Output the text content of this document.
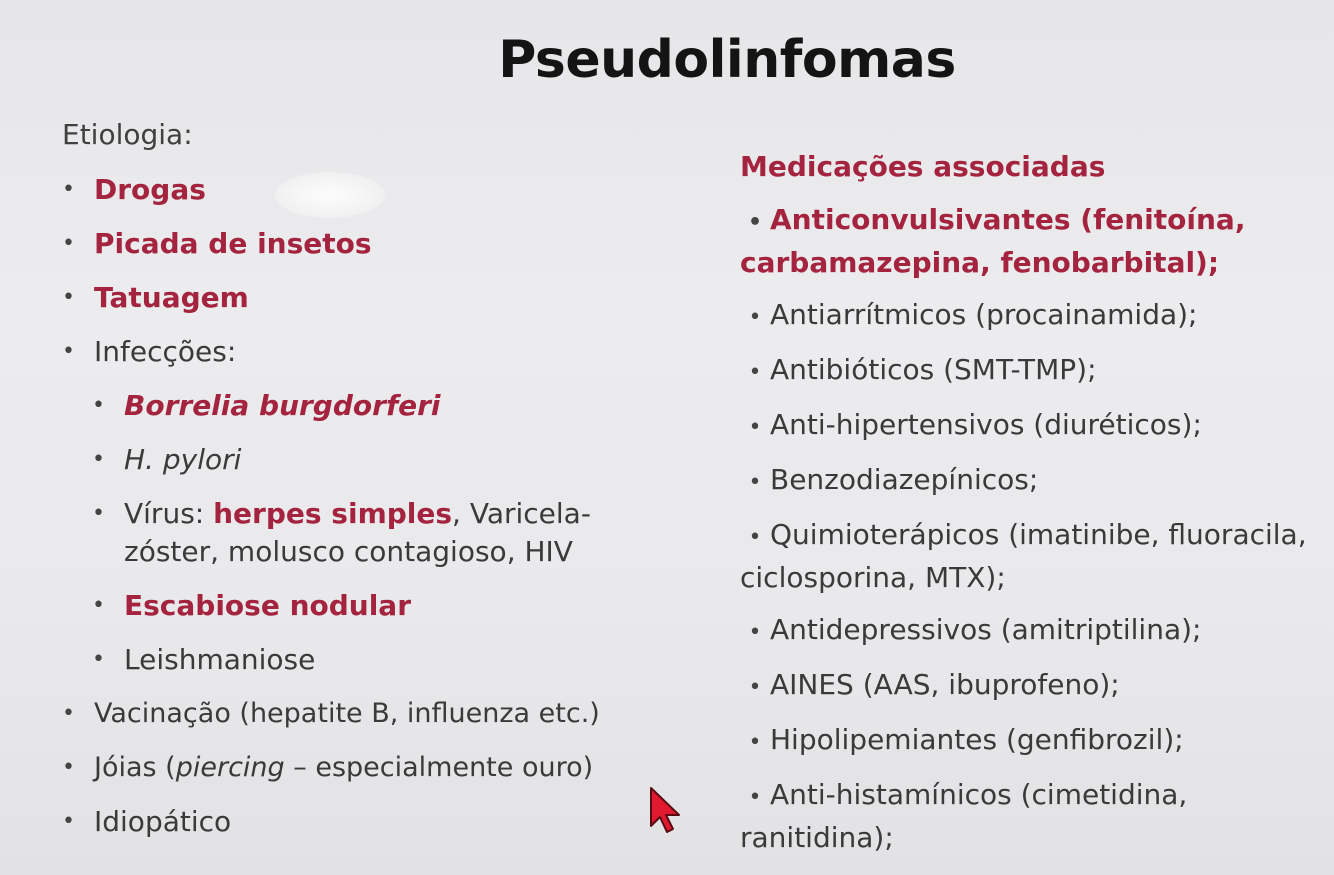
Pseudolinfomas
Etiologia:
• Drogas
• Picada de insetos
• Tatuagem
• Infecções:
• Borrelia burgdorferi
• H. pylori
• Vírus: herpes simples, Varicela-zóster, molusco contagioso, HIV
• Escabiose nodular
• Leishmaniose
• Vacinação (hepatite B, influenza etc.)
• Jóias (piercing – especialmente ouro)
• Idiopático
Medicações associadas
• Anticonvulsivantes (fenitoína, carbamazepina, fenobarbital);
• Antiarrítmicos (procainamida);
• Antibióticos (SMT-TMP);
• Anti-hipertensivos (diuréticos);
• Benzodiazepínicos;
• Quimioterápicos (imatinibe, fluoracila, ciclosporina, MTX);
• Antidepressivos (amitriptilina);
• AINES (AAS, ibuprofeno);
• Hipolipemiantes (genfibrozil);
• Anti-histamínicos (cimetidina, ranitidina);
